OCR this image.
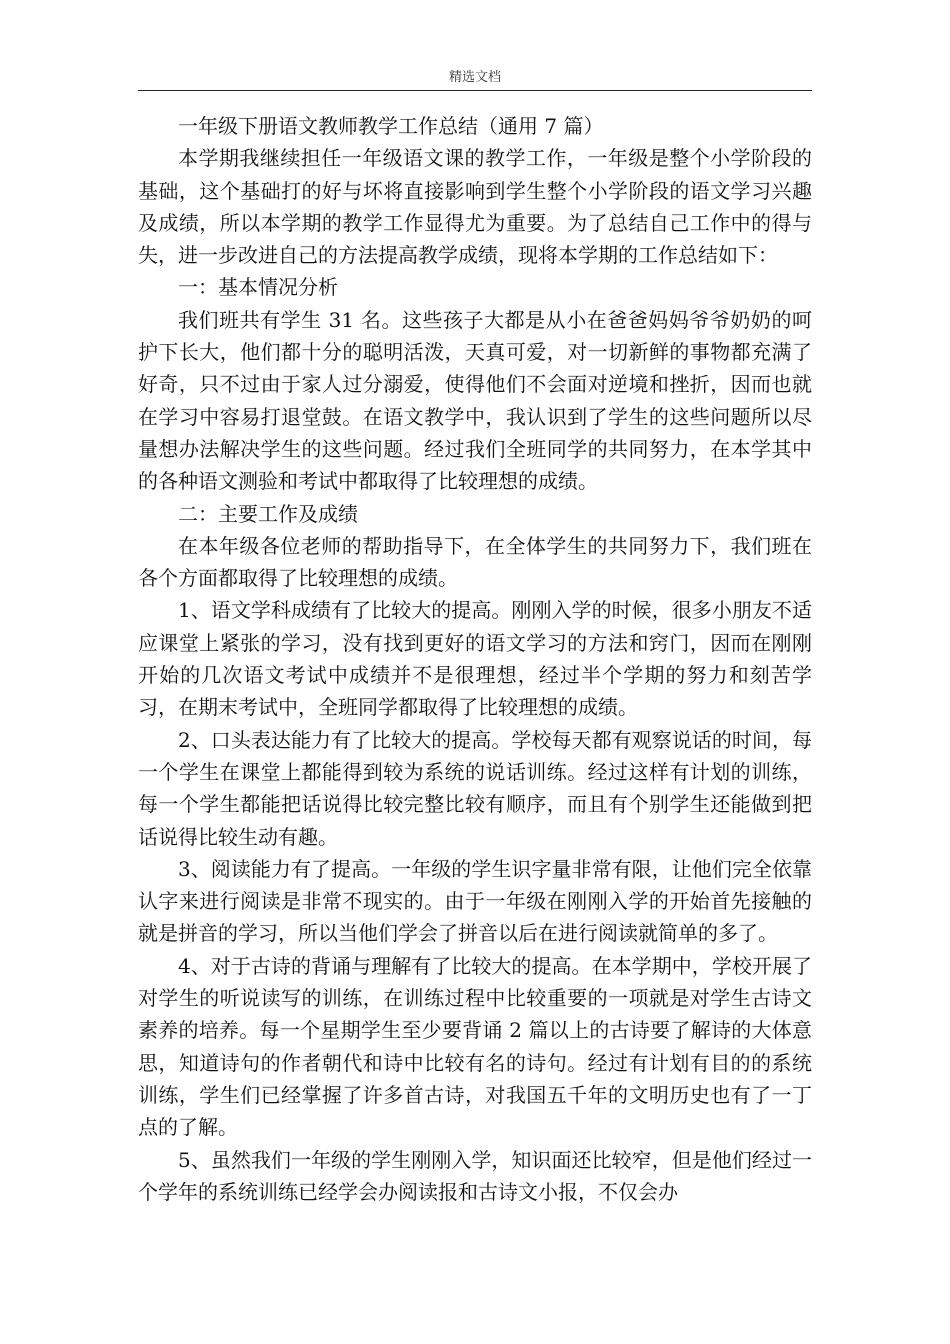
精选文档

一年级下册语文教师教学工作总结（通用 7 篇）

本学期我继续担任一年级语文课的教学工作，一年级是整个小学阶段的基础，这个基础打的好与坏将直接影响到学生整个小学阶段的语文学习兴趣及成绩，所以本学期的教学工作显得尤为重要。为了总结自己工作中的得与失，进一步改进自己的方法提高教学成绩，现将本学期的工作总结如下：

一：基本情况分析

我们班共有学生 31 名。这些孩子大都是从小在爸爸妈妈爷爷奶奶的呵护下长大，他们都十分的聪明活泼，天真可爱，对一切新鲜的事物都充满了好奇，只不过由于家人过分溺爱，使得他们不会面对逆境和挫折，因而也就在学习中容易打退堂鼓。在语文教学中，我认识到了学生的这些问题所以尽量想办法解决学生的这些问题。经过我们全班同学的共同努力，在本学其中的各种语文测验和考试中都取得了比较理想的成绩。

二：主要工作及成绩

在本年级各位老师的帮助指导下，在全体学生的共同努力下，我们班在各个方面都取得了比较理想的成绩。

1、语文学科成绩有了比较大的提高。刚刚入学的时候，很多小朋友不适应课堂上紧张的学习，没有找到更好的语文学习的方法和窍门，因而在刚刚开始的几次语文考试中成绩并不是很理想，经过半个学期的努力和刻苦学习，在期末考试中，全班同学都取得了比较理想的成绩。

2、口头表达能力有了比较大的提高。学校每天都有观察说话的时间，每一个学生在课堂上都能得到较为系统的说话训练。经过这样有计划的训练，每一个学生都能把话说得比较完整比较有顺序，而且有个别学生还能做到把话说得比较生动有趣。

3、阅读能力有了提高。一年级的学生识字量非常有限，让他们完全依靠认字来进行阅读是非常不现实的。由于一年级在刚刚入学的开始首先接触的就是拼音的学习，所以当他们学会了拼音以后在进行阅读就简单的多了。

4、对于古诗的背诵与理解有了比较大的提高。在本学期中，学校开展了对学生的听说读写的训练，在训练过程中比较重要的一项就是对学生古诗文素养的培养。每一个星期学生至少要背诵 2 篇以上的古诗要了解诗的大体意思，知道诗句的作者朝代和诗中比较有名的诗句。经过有计划有目的的系统训练，学生们已经掌握了许多首古诗，对我国五千年的文明历史也有了一丁点的了解。

5、虽然我们一年级的学生刚刚入学，知识面还比较窄，但是他们经过一个学年的系统训练已经学会办阅读报和古诗文小报，不仅会办
